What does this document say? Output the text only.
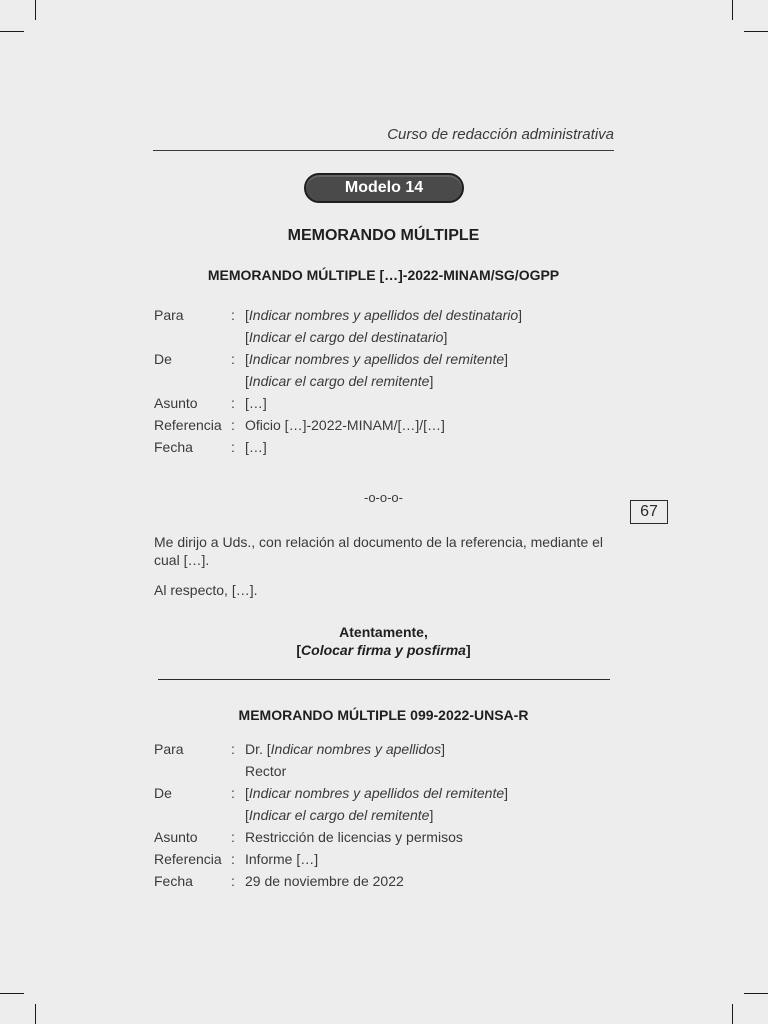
Curso de redacción administrativa
Modelo 14
MEMORANDO MÚLTIPLE
MEMORANDO MÚLTIPLE […]-2022-MINAM/SG/OGPP
Para	: [Indicar nombres y apellidos del destinatario]
[Indicar el cargo del destinatario]
De	: [Indicar nombres y apellidos del remitente]
[Indicar el cargo del remitente]
Asunto	: […]
Referencia : Oficio […]-2022-MINAM/[…]/[…]
Fecha	: […]
-o-o-o-
67

Me dirijo a Uds., con relación al documento de la referencia, mediante el cual […].

Al respecto, […].

Atentamente,
[Colocar firma y posfirma]
MEMORANDO MÚLTIPLE 099-2022-UNSA-R
Para	: Dr. [Indicar nombres y apellidos]
Rector
De	: [Indicar nombres y apellidos del remitente]
[Indicar el cargo del remitente]
Asunto	: Restricción de licencias y permisos
Referencia : Informe […]
Fecha	: 29 de noviembre de 2022
